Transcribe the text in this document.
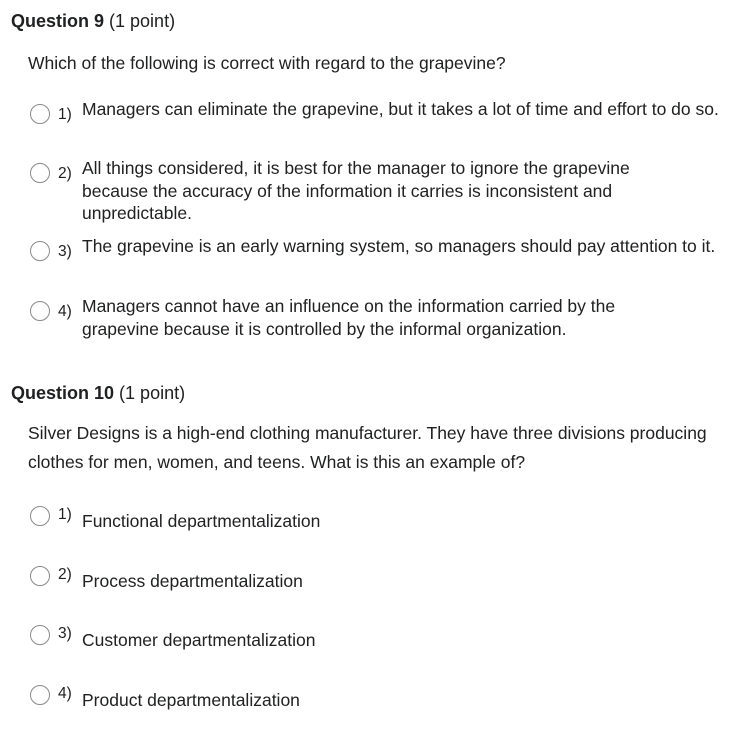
Question 9 (1 point)
Which of the following is correct with regard to the grapevine?
1) Managers can eliminate the grapevine, but it takes a lot of time and effort to do so.
2) All things considered, it is best for the manager to ignore the grapevine because the accuracy of the information it carries is inconsistent and unpredictable.
3) The grapevine is an early warning system, so managers should pay attention to it.
4) Managers cannot have an influence on the information carried by the grapevine because it is controlled by the informal organization.
Question 10 (1 point)
Silver Designs is a high-end clothing manufacturer. They have three divisions producing clothes for men, women, and teens. What is this an example of?
1) Functional departmentalization
2) Process departmentalization
3) Customer departmentalization
4) Product departmentalization
